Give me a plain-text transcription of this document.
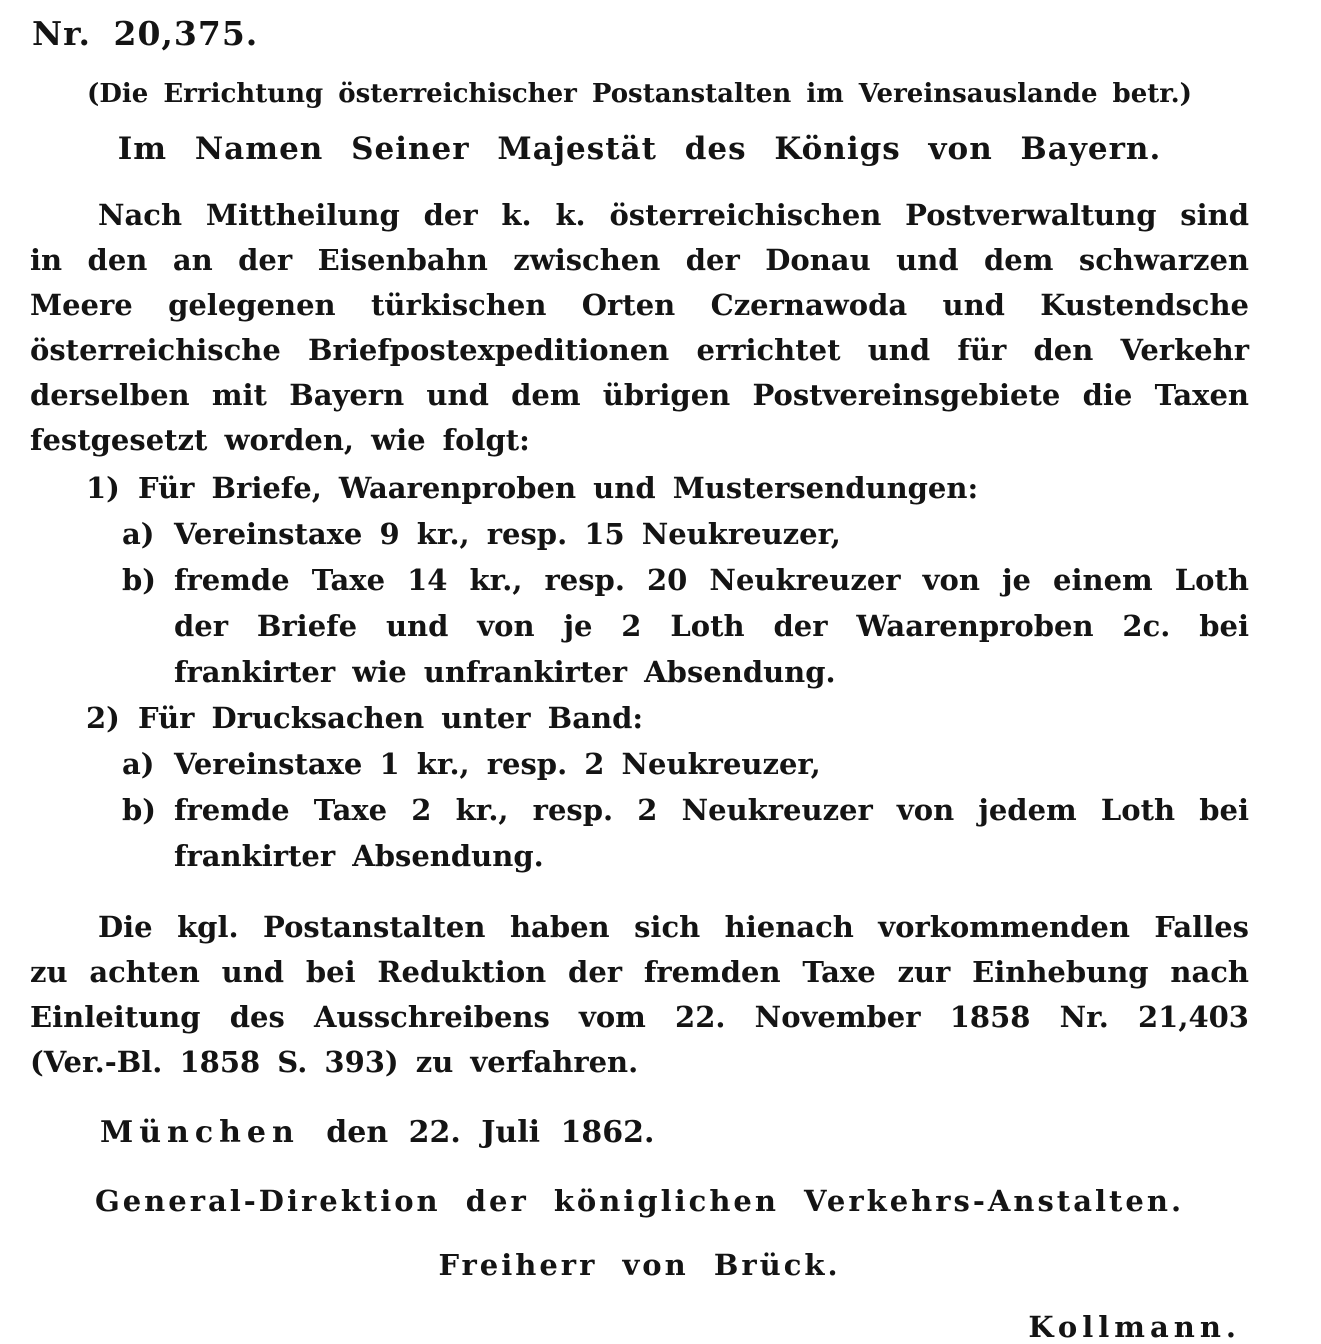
Nr. 20,375.
(Die Errichtung österreichischer Postanstalten im Vereinsauslande betr.)
Im Namen Seiner Majestät des Königs von Bayern.
Nach Mittheilung der k. k. österreichischen Postverwaltung sind in den an der Eisenbahn zwischen der Donau und dem schwarzen Meere gelegenen türkischen Orten Czernawoda und Kustendsche österreichische Briefpostexpeditionen errichtet und für den Verkehr derselben mit Bayern und dem übrigen Postvereinsgebiete die Taxen festgesetzt worden, wie folgt:
1) Für Briefe, Waarenproben und Mustersendungen:
a) Vereinstaxe 9 kr., resp. 15 Neukreuzer,
b) fremde Taxe 14 kr., resp. 20 Neukreuzer von je einem Loth der Briefe und von je 2 Loth der Waarenproben 2c. bei frankirter wie unfrankirter Absendung.
2) Für Drucksachen unter Band:
a) Vereinstaxe 1 kr., resp. 2 Neukreuzer,
b) fremde Taxe 2 kr., resp. 2 Neukreuzer von jedem Loth bei frankirter Absendung.
Die kgl. Postanstalten haben sich hienach vorkommenden Falles zu achten und bei Reduktion der fremden Taxe zur Einhebung nach Einleitung des Ausschreibens vom 22. November 1858 Nr. 21,403 (Ver.-Bl. 1858 S. 393) zu verfahren.
München den 22. Juli 1862.
General-Direktion der königlichen Verkehrs-Anstalten.
Freiherr von Brück.
Kollmann.
